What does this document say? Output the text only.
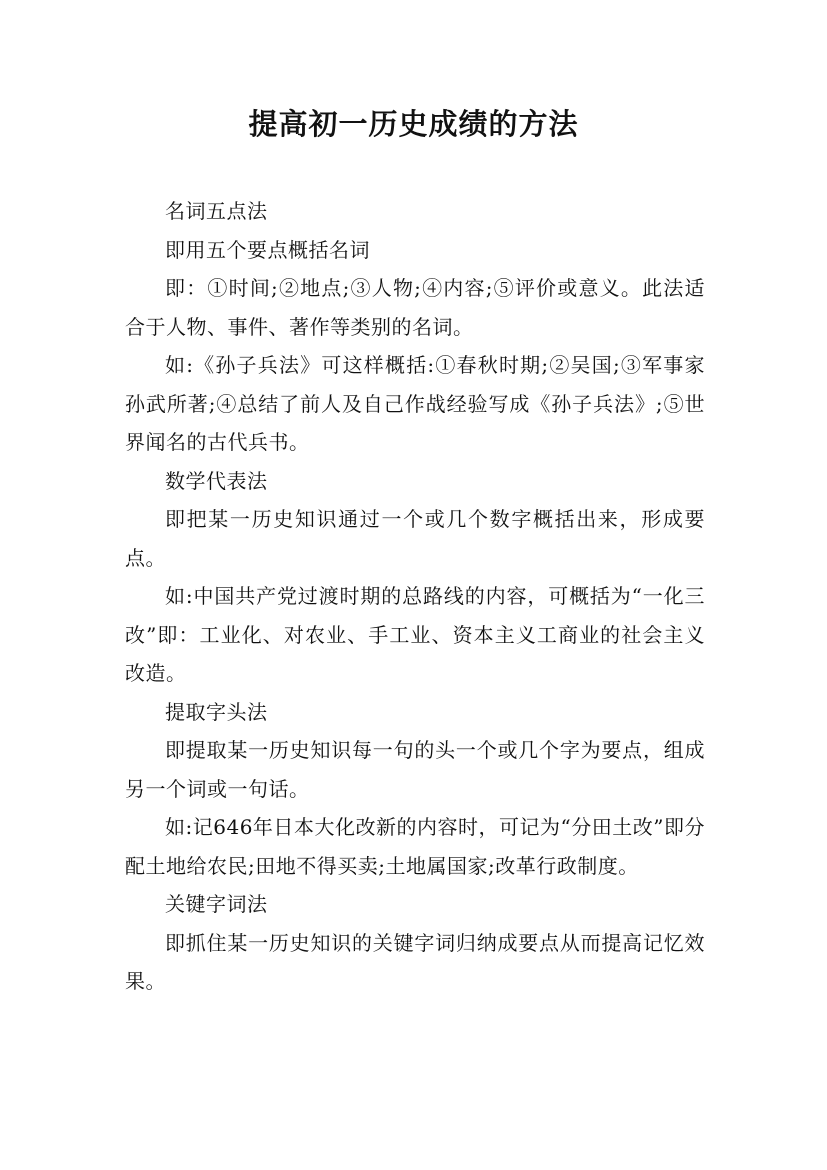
提高初一历史成绩的方法

名词五点法

即用五个要点概括名词

即：①时间;②地点;③人物;④内容;⑤评价或意义。此法适合于人物、事件、著作等类别的名词。

如:《孙子兵法》可这样概括:①春秋时期;②吴国;③军事家孙武所著;④总结了前人及自己作战经验写成《孙子兵法》;⑤世界闻名的古代兵书。

数学代表法

即把某一历史知识通过一个或几个数字概括出来，形成要点。

如:中国共产党过渡时期的总路线的内容，可概括为“一化三改”即：工业化、对农业、手工业、资本主义工商业的社会主义改造。

提取字头法

即提取某一历史知识每一句的头一个或几个字为要点，组成另一个词或一句话。

如:记646年日本大化改新的内容时，可记为“分田土改”即分配土地给农民;田地不得买卖;土地属国家;改革行政制度。

关键字词法

即抓住某一历史知识的关键字词归纳成要点从而提高记忆效果。
